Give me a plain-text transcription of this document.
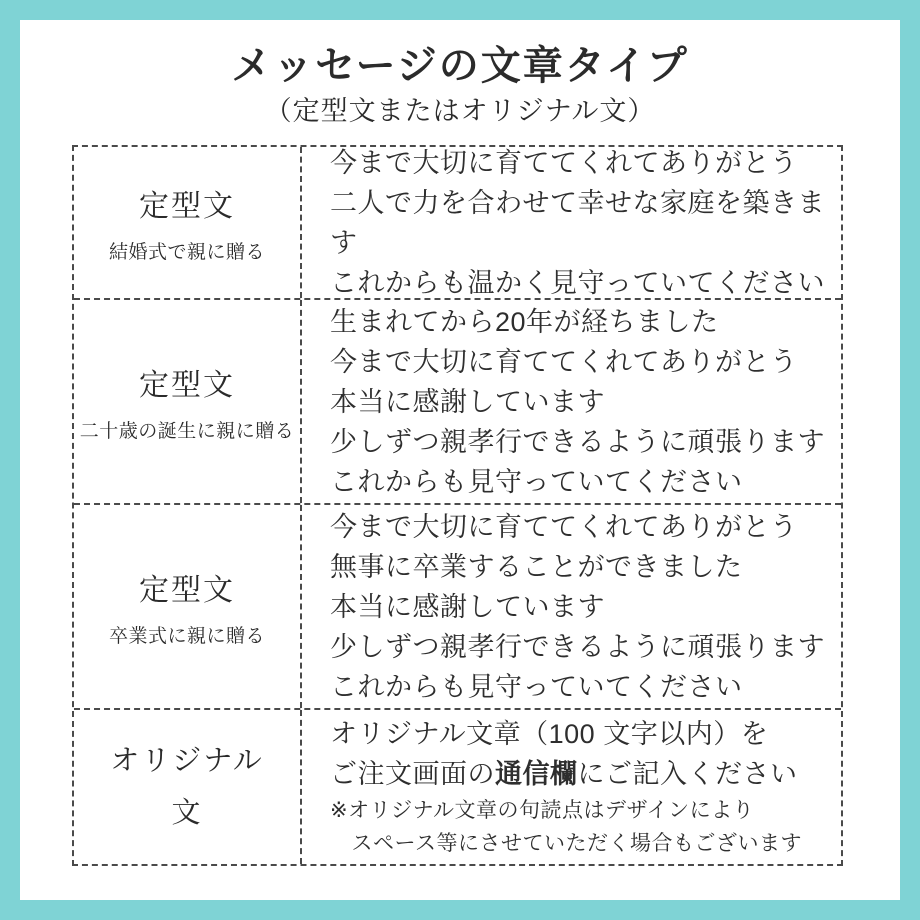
メッセージの文章タイプ
（定型文またはオリジナル文）
定型文
結婚式で親に贈る
今まで大切に育ててくれてありがとう
二人で力を合わせて幸せな家庭を築きます
これからも温かく見守っていてください
定型文
二十歳の誕生に親に贈る
生まれてから20年が経ちました
今まで大切に育ててくれてありがとう
本当に感謝しています
少しずつ親孝行できるように頑張ります
これからも見守っていてください
定型文
卒業式に親に贈る
今まで大切に育ててくれてありがとう
無事に卒業することができました
本当に感謝しています
少しずつ親孝行できるように頑張ります
これからも見守っていてください
オリジナル
文
オリジナル文章（100 文字以内）を
ご注文画面の通信欄にご記入ください
※オリジナル文章の句読点はデザインにより
　スペース等にさせていただく場合もございます
